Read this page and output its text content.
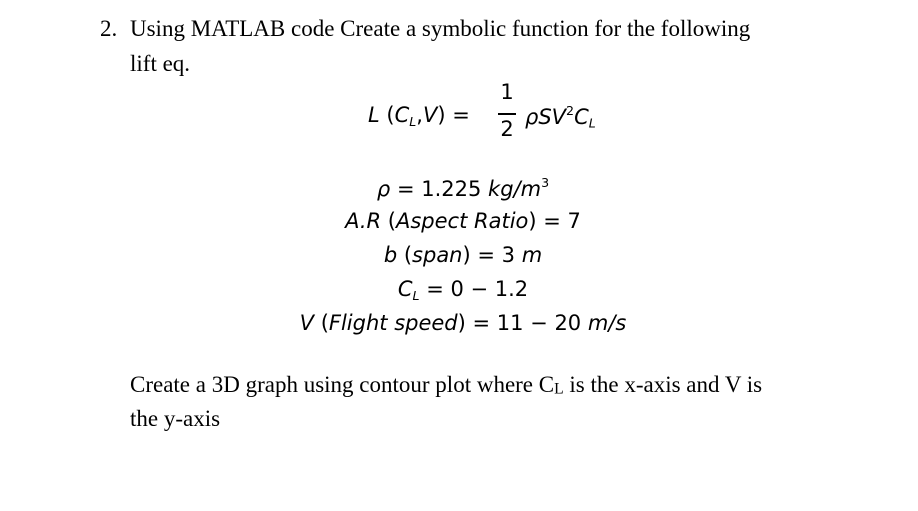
2. Using MATLAB code Create a symbolic function for the following
lift eq.
L $(C_L,V)$ =
1
2
$\rho SV^2C_L$
ρ = 1.225 $kg/m^3$
A.R (Aspect Ratio) = 7
b (span) = 3 m
$C_L = 0 - 1.2$
V (Flight speed) = 11 − 20 m/s
Create a 3D graph using contour plot where CL is the x-axis and V is
the y-axis
